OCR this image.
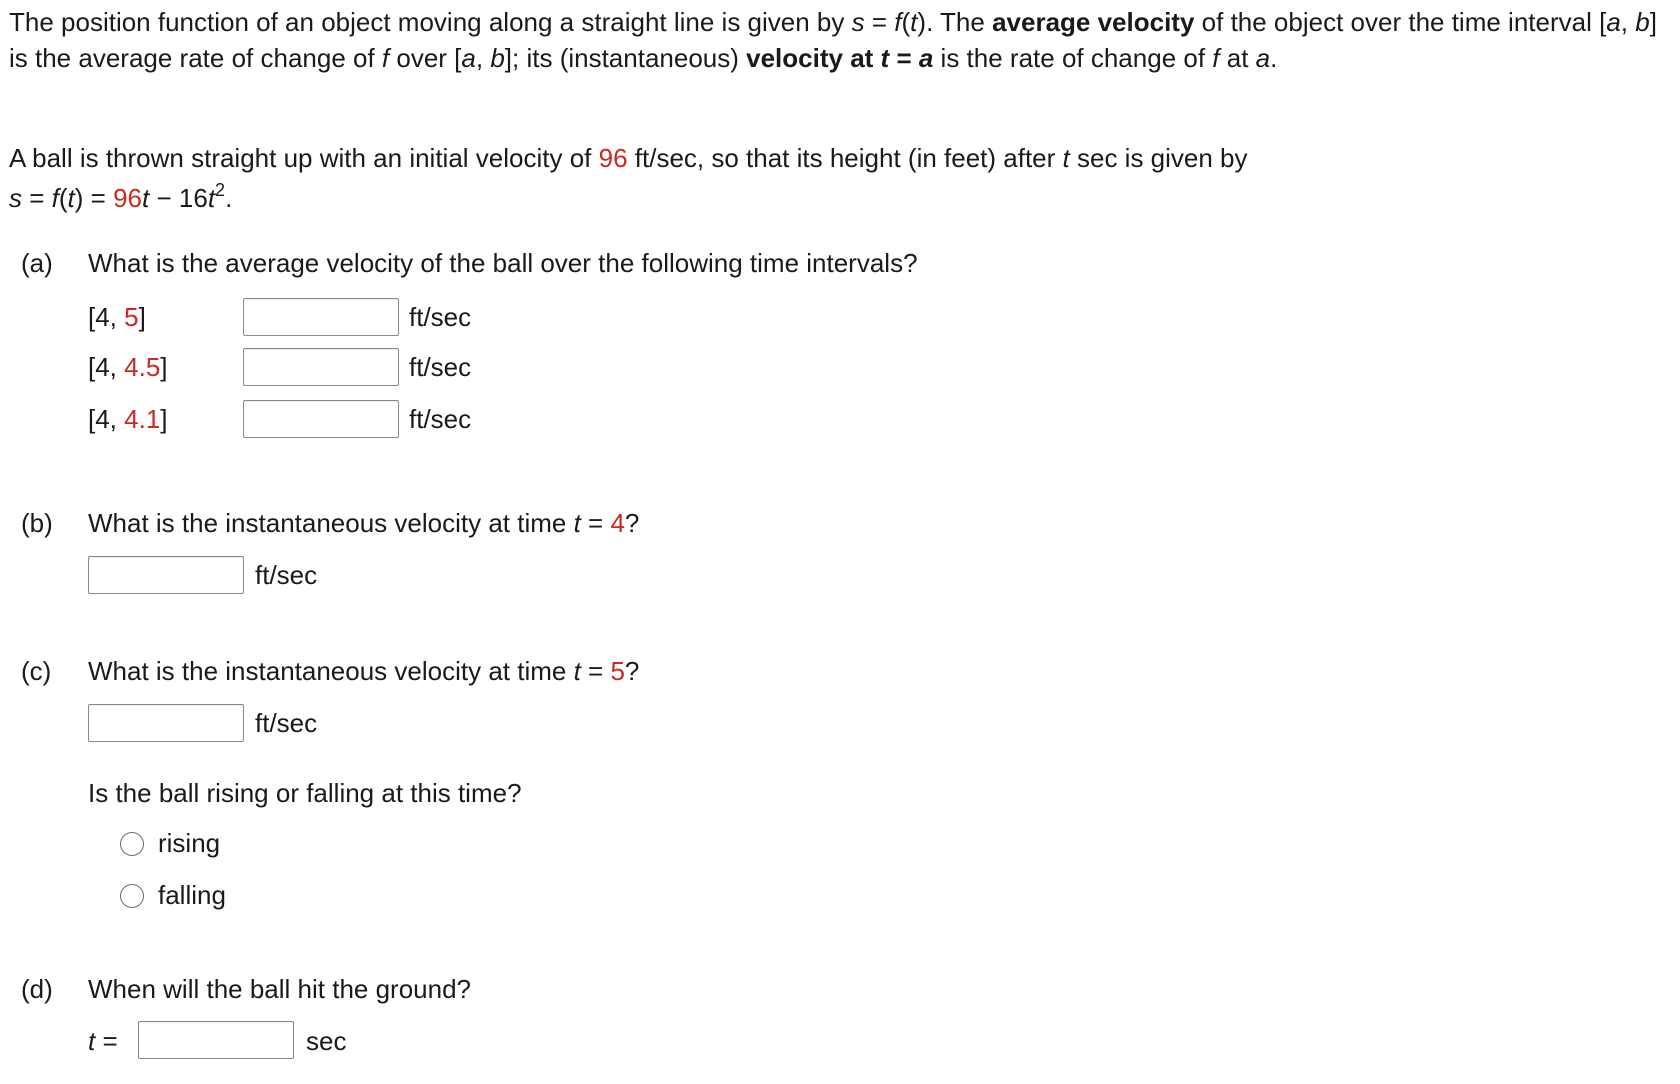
The position function of an object moving along a straight line is given by s = f(t). The average velocity of the object over the time interval [a, b] is the average rate of change of f over [a, b]; its (instantaneous) velocity at t = a is the rate of change of f at a.
A ball is thrown straight up with an initial velocity of 96 ft/sec, so that its height (in feet) after t sec is given by
$s = f(t) = 96t - 16t^2$.
(a) What is the average velocity of the ball over the following time intervals?
[4, 5]	ft/sec
[4, 4.5]	ft/sec
[4, 4.1]	ft/sec
(b) What is the instantaneous velocity at time t = 4?
ft/sec
(c) What is the instantaneous velocity at time t = 5?
ft/sec
Is the ball rising or falling at this time?
rising
falling
(d) When will the ball hit the ground?
t =	sec
